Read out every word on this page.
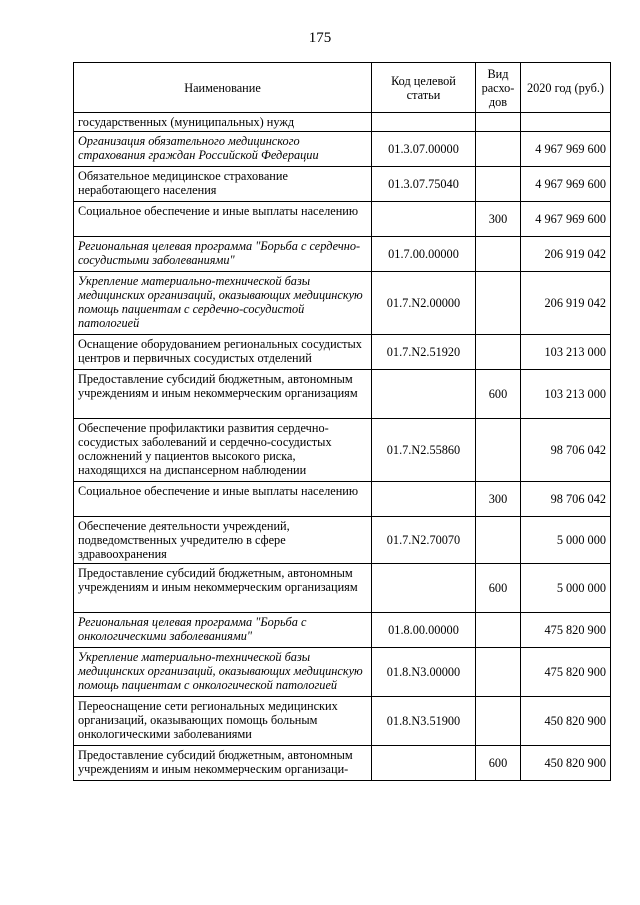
175
Наименование	Код целевой статьи	Вид расхо-дов	2020 год (руб.)
государственных (муниципальных) нужд			
Организация обязательного медицинского страхования граждан Российской Федерации	01.3.07.00000		4 967 969 600
Обязательное медицинское страхование неработающего населения	01.3.07.75040		4 967 969 600
Социальное обеспечение и иные выплаты населению		300	4 967 969 600
Региональная целевая программа "Борьба с сердечно-сосудистыми заболеваниями"	01.7.00.00000		206 919 042
Укрепление материально-технической базы медицинских организаций, оказывающих медицинскую помощь пациентам с сердечно-сосудистой патологией	01.7.N2.00000		206 919 042
Оснащение оборудованием региональных сосудистых центров и первичных сосудистых отделений	01.7.N2.51920		103 213 000
Предоставление субсидий бюджетным, автономным учреждениям и иным некоммерческим организациям		600	103 213 000
Обеспечение профилактики развития сердечно-сосудистых заболеваний и сердечно-сосудистых осложнений у пациентов высокого риска, находящихся на диспансерном наблюдении	01.7.N2.55860		98 706 042
Социальное обеспечение и иные выплаты населению		300	98 706 042
Обеспечение деятельности учреждений, подведомственных учредителю в сфере здравоохранения	01.7.N2.70070		5 000 000
Предоставление субсидий бюджетным, автономным учреждениям и иным некоммерческим организациям		600	5 000 000
Региональная целевая программа "Борьба с онкологическими заболеваниями"	01.8.00.00000		475 820 900
Укрепление материально-технической базы медицинских организаций, оказывающих медицинскую помощь пациентам с онкологической патологией	01.8.N3.00000		475 820 900
Переоснащение сети региональных медицинских организаций, оказывающих помощь больным онкологическими заболеваниями	01.8.N3.51900		450 820 900
Предоставление субсидий бюджетным, автономным учреждениям и иным некоммерческим организаци-		600	450 820 900
